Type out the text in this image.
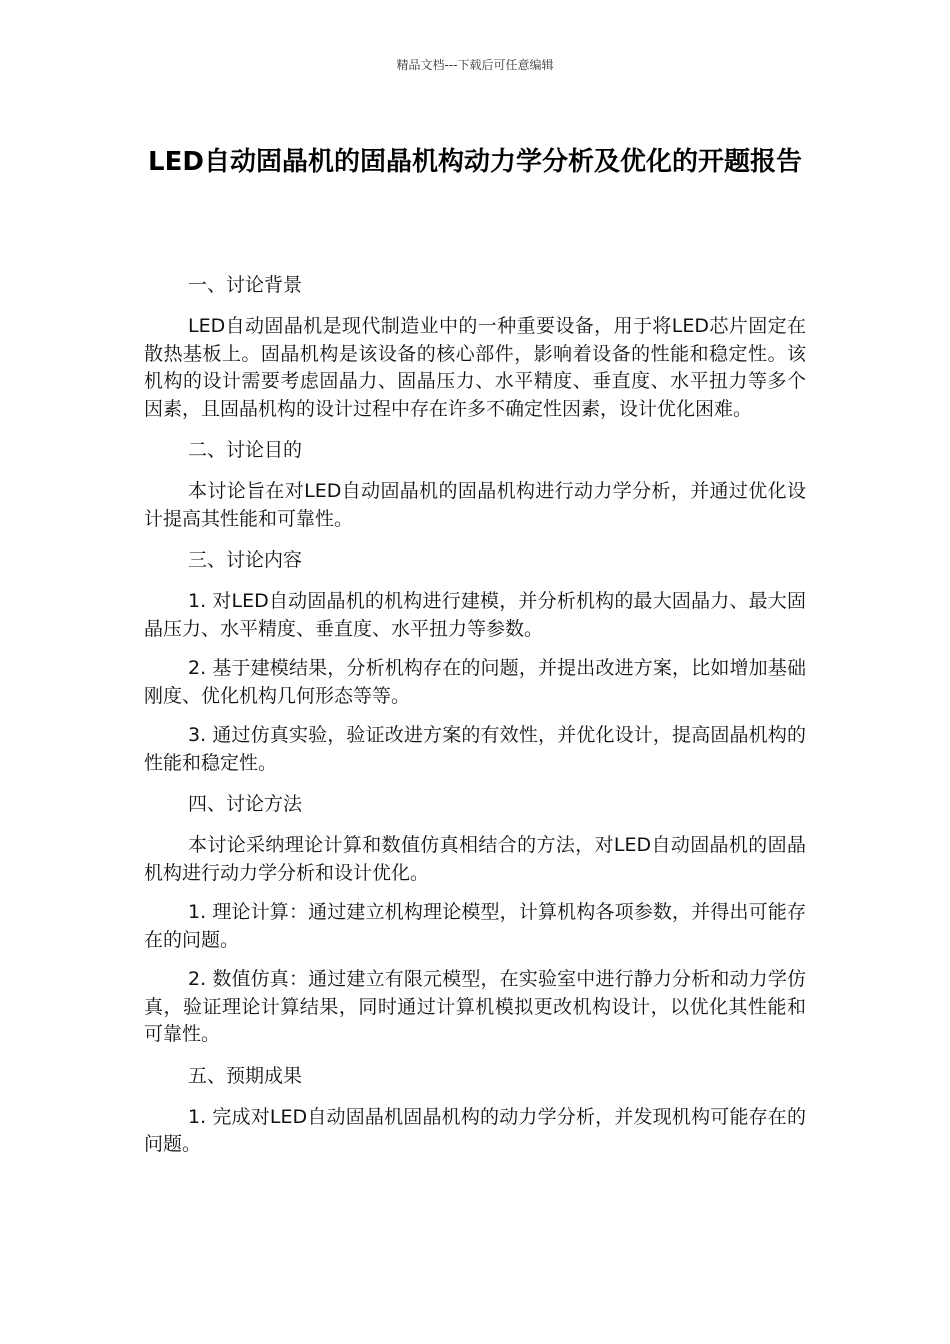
精品文档---下载后可任意编辑
LED自动固晶机的固晶机构动力学分析及优化的开题报告

一、讨论背景

LED自动固晶机是现代制造业中的一种重要设备，用于将LED芯片固定在散热基板上。固晶机构是该设备的核心部件，影响着设备的性能和稳定性。该机构的设计需要考虑固晶力、固晶压力、水平精度、垂直度、水平扭力等多个因素，且固晶机构的设计过程中存在许多不确定性因素，设计优化困难。

二、讨论目的

本讨论旨在对LED自动固晶机的固晶机构进行动力学分析，并通过优化设计提高其性能和可靠性。

三、讨论内容

1. 对LED自动固晶机的机构进行建模，并分析机构的最大固晶力、最大固晶压力、水平精度、垂直度、水平扭力等参数。

2. 基于建模结果，分析机构存在的问题，并提出改进方案，比如增加基础刚度、优化机构几何形态等等。

3. 通过仿真实验，验证改进方案的有效性，并优化设计，提高固晶机构的性能和稳定性。

四、讨论方法

本讨论采纳理论计算和数值仿真相结合的方法，对LED自动固晶机的固晶机构进行动力学分析和设计优化。

1. 理论计算：通过建立机构理论模型，计算机构各项参数，并得出可能存在的问题。

2. 数值仿真：通过建立有限元模型，在实验室中进行静力分析和动力学仿真，验证理论计算结果，同时通过计算机模拟更改机构设计，以优化其性能和可靠性。

五、预期成果

1. 完成对LED自动固晶机固晶机构的动力学分析，并发现机构可能存在的问题。
